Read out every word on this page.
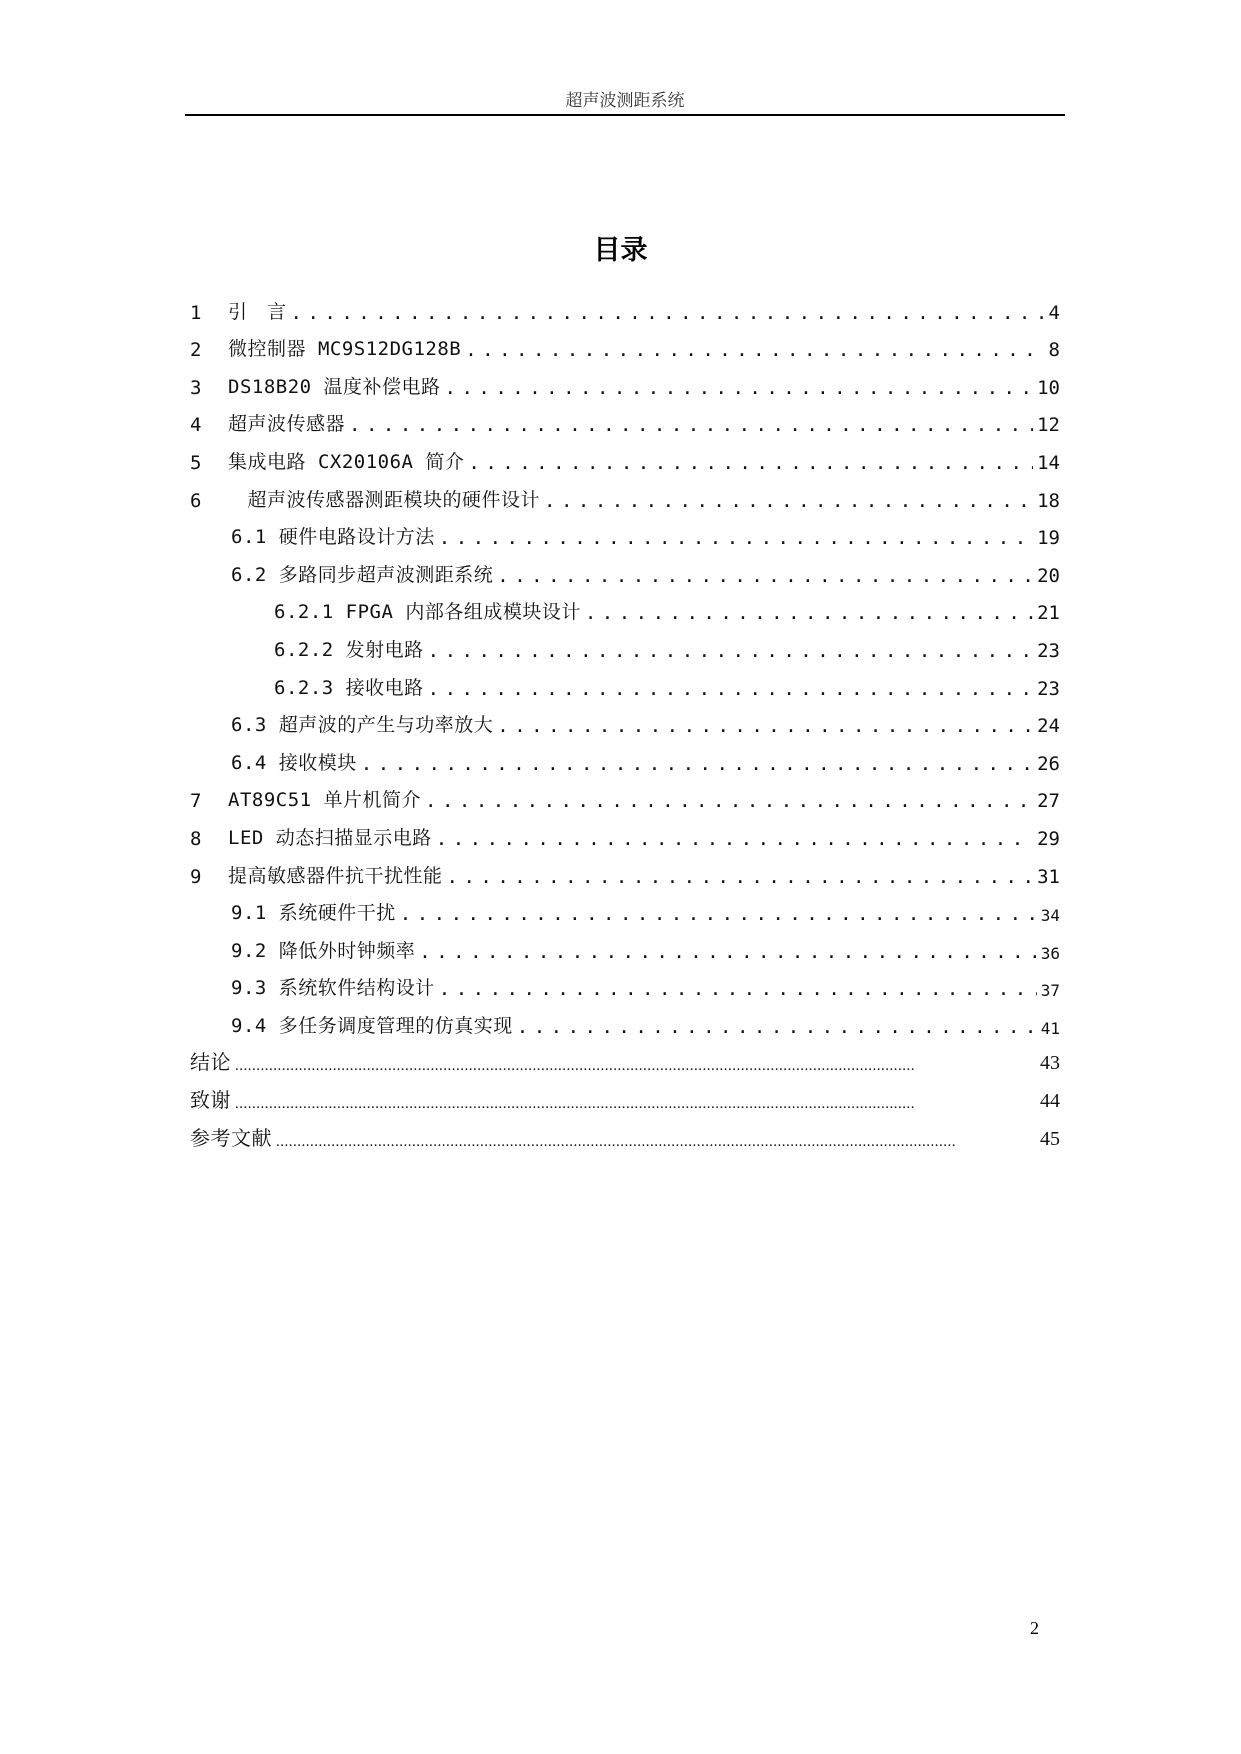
超声波测距系统
目录
1	引　言 .....	4
2	微控制器 MC9S12DG128B .....	8
3	DS18B20 温度补偿电路 .....	10
4	超声波传感器 .....	12
5	集成电路 CX20106A 简介 .....	14
6	　超声波传感器测距模块的硬件设计 .....	18
6.1 硬件电路设计方法 .....	19
6.2 多路同步超声波测距系统 .....	20
6.2.1 FPGA 内部各组成模块设计 .....	21
6.2.2 发射电路 .....	23
6.2.3 接收电路 .....	23
6.3 超声波的产生与功率放大 .....	24
6.4 接收模块 .....	26
7	AT89C51 单片机简介 .....	27
8	LED 动态扫描显示电路 .....	29
9	提高敏感器件抗干扰性能 .....	31
9.1 系统硬件干扰 .....	34
9.2 降低外时钟频率 .....	36
9.3 系统软件结构设计 .....	37
9.4 多任务调度管理的仿真实现 .....	41
结论 .....	43
致谢 .....	44
参考文献 .....	45
2
